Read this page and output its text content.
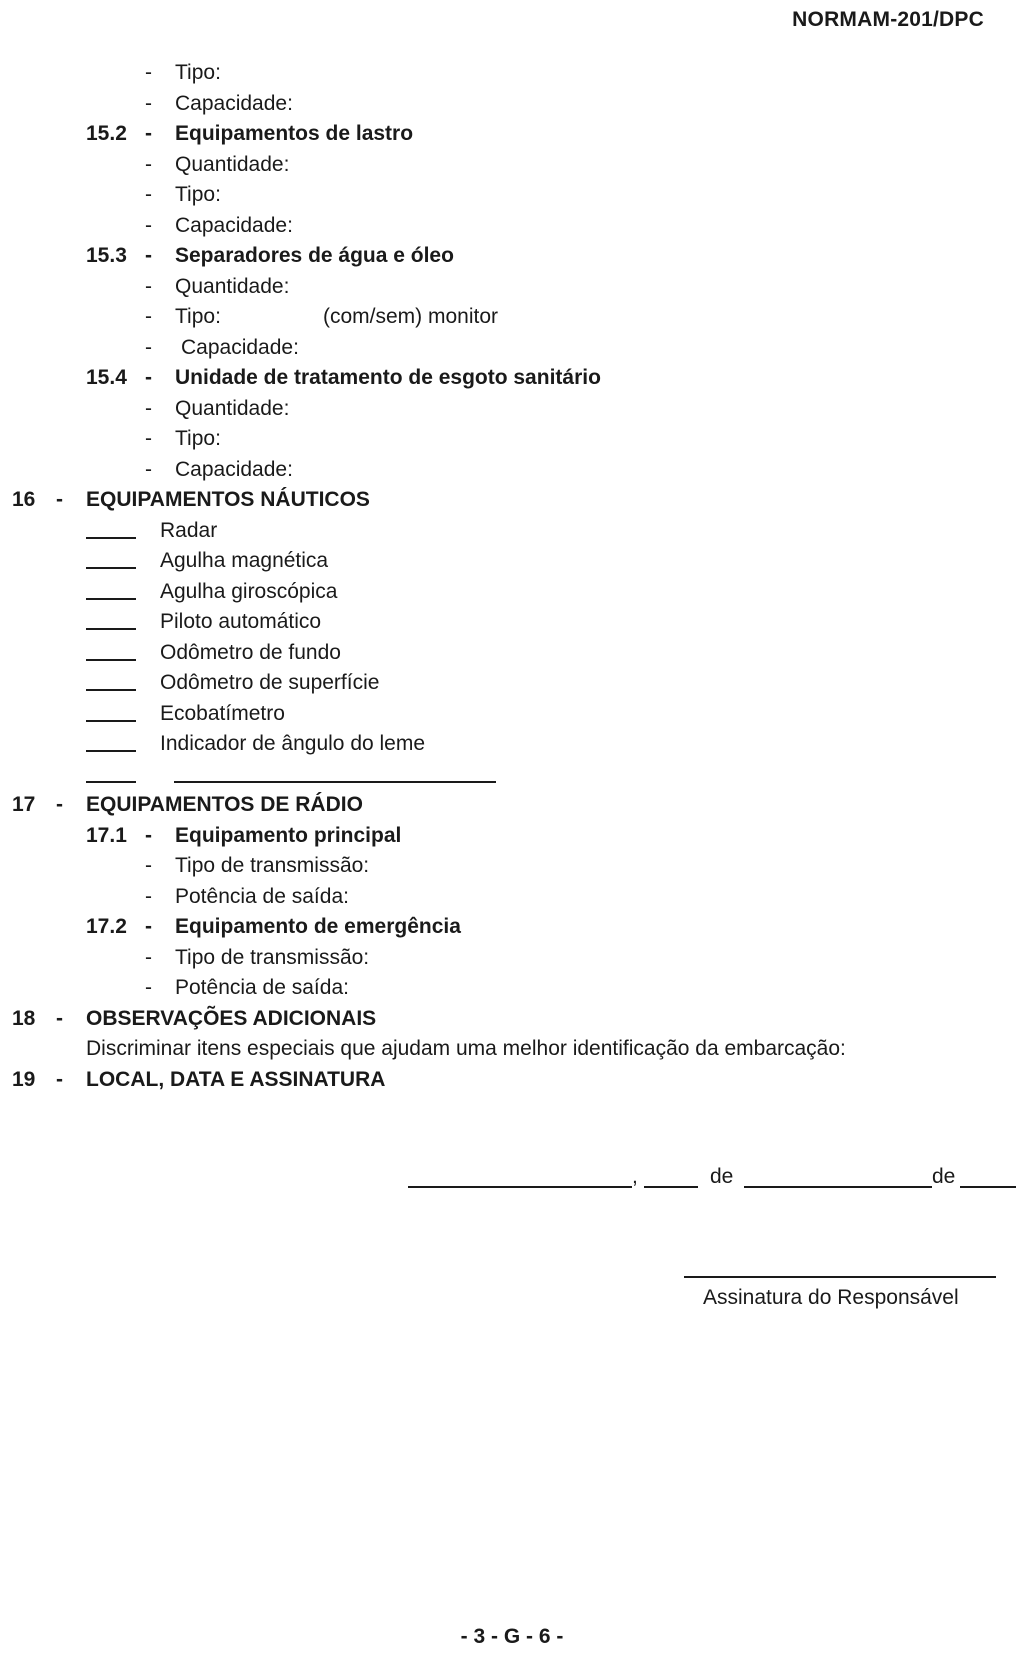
NORMAM-201/DPC
- Tipo:
- Capacidade:
15.2 - Equipamentos de lastro
- Quantidade:
- Tipo:
- Capacidade:
15.3 - Separadores de água e óleo
- Quantidade:
- Tipo:	(com/sem) monitor
- Capacidade:
15.4 - Unidade de tratamento de esgoto sanitário
- Quantidade:
- Tipo:
- Capacidade:
16 - EQUIPAMENTOS NÁUTICOS
Radar
Agulha magnética
Agulha giroscópica
Piloto automático
Odômetro de fundo
Odômetro de superfície
Ecobatímetro
Indicador de ângulo do leme
17 - EQUIPAMENTOS DE RÁDIO
17.1 - Equipamento principal
- Tipo de transmissão:
- Potência de saída:
17.2 - Equipamento de emergência
- Tipo de transmissão:
- Potência de saída:
18 - OBSERVAÇÕES ADICIONAIS
Discriminar itens especiais que ajudam uma melhor identificação da embarcação:
19 - LOCAL, DATA E ASSINATURA
,	de	de
Assinatura do Responsável
- 3 - G - 6 -
